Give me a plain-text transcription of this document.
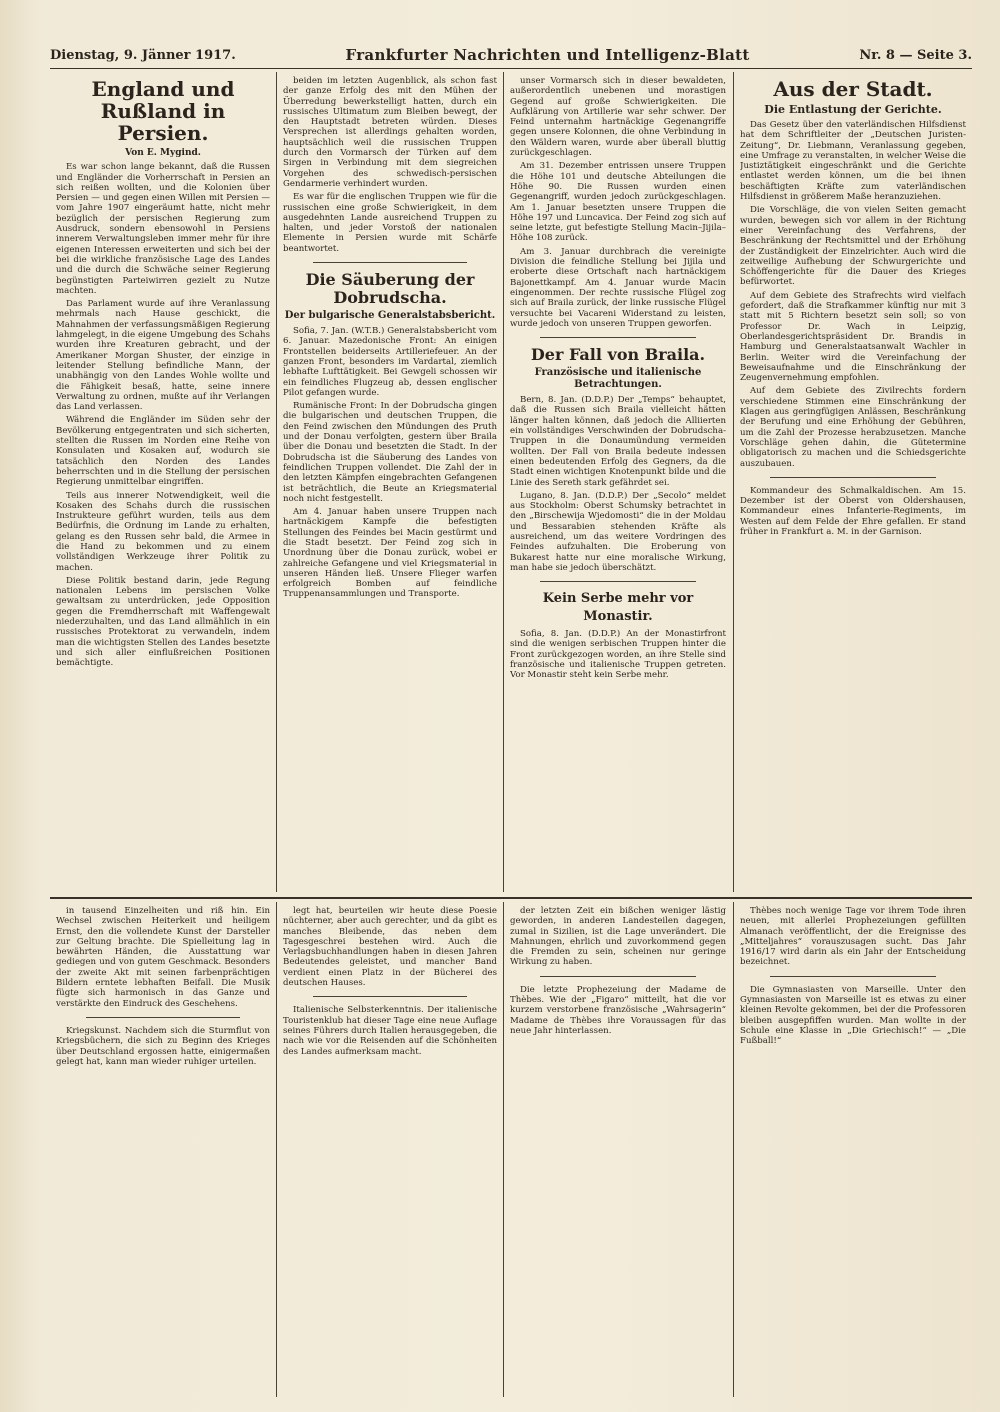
Dienstag, 9. Jänner 1917.	Frankfurter Nachrichten und Intelligenz-Blatt	Nr. 8 — Seite 3.
England und Rußland in Persien.
Von E. Mygind.

Es war schon lange bekannt, daß die Russen und Engländer die Vorherrschaft in Persien an sich reißen wollten, und die Kolonien über Persien — und gegen einen Willen mit Persien — vom Jahre 1907 eingeräumt hatte, nicht mehr bezüglich der persischen Regierung zum Ausdruck, sondern ebensowohl in Persiens innerem Verwaltungsleben immer mehr für ihre eigenen Interessen erweiterten und sich bei der bei die wirkliche französische Lage des Landes und die durch die Schwäche seiner Regierung begünstigten Parteiwirren gezielt zu Nutze machten.

Das Parlament wurde auf ihre Veranlassung mehrmals nach Hause geschickt, die Mahnahmen der verfassungsmäßigen Regierung lahmgelegt, in die eigene Umgebung des Schahs wurden ihre Kreaturen gebracht, und der Amerikaner Morgan Shuster, der einzige in leitender Stellung befindliche Mann, der unabhängig von den Landes Wohle wollte und die Fähigkeit besaß, hatte, seine innere Verwaltung zu ordnen, mußte auf ihr Verlangen das Land verlassen.

Während die Engländer im Süden sehr der Bevölkerung entgegentraten und sich sicherten, stellten die Russen im Norden eine Reihe von Konsulaten und Kosaken auf, wodurch sie tatsächlich den Norden des Landes beherrschten und in die Stellung der persischen Regierung unmittelbar eingriffen.

Teils aus innerer Notwendigkeit, weil die Kosaken des Schahs durch die russischen Instrukteure geführt wurden, teils aus dem Bedürfnis, die Ordnung im Lande zu erhalten, gelang es den Russen sehr bald, die Armee in die Hand zu bekommen und zu einem vollständigen Werkzeuge ihrer Politik zu machen.

Diese Politik bestand darin, jede Regung nationalen Lebens im persischen Volke gewaltsam zu unterdrücken, jede Opposition gegen die Fremdherrschaft mit Waffengewalt niederzuhalten, und das Land allmählich in ein russisches Protektorat zu verwandeln, indem man die wichtigsten Stellen des Landes besetzte und sich aller einflußreichen Positionen bemächtigte.

beiden im letzten Augenblick, als schon fast der ganze Erfolg des mit den Mühen der Überredung bewerkstelligt hatten, durch ein russisches Ultimatum zum Bleiben bewegt, der den Hauptstadt betreten würden. Dieses Versprechen ist allerdings gehalten worden, hauptsächlich weil die russischen Truppen durch den Vormarsch der Türken auf dem Sirgen in Verbindung mit dem siegreichen Vorgehen des schwedisch-persischen Gendarmerie verhindert wurden.

Es war für die englischen Truppen wie für die russischen eine große Schwierigkeit, in dem ausgedehnten Lande ausreichend Truppen zu halten, und jeder Vorstoß der nationalen Elemente in Persien wurde mit Schärfe beantwortet.

Die Säuberung der Dobrudscha.
Der bulgarische Generalstabsbericht.

Sofia, 7. Jan. (W.T.B.) Generalstabsbericht vom 6. Januar. Mazedonische Front: An einigen Frontstellen beiderseits Artilleriefeuer. An der ganzen Front, besonders im Vardartal, ziemlich lebhafte Lufttätigkeit. Bei Gewgeli schossen wir ein feindliches Flugzeug ab, dessen englischer Pilot gefangen wurde.

Rumänische Front: In der Dobrudscha gingen die bulgarischen und deutschen Truppen, die den Feind zwischen den Mündungen des Pruth und der Donau verfolgten, gestern über Braila über die Donau und besetzten die Stadt. In der Dobrudscha ist die Säuberung des Landes von feindlichen Truppen vollendet. Die Zahl der in den letzten Kämpfen eingebrachten Gefangenen ist beträchtlich, die Beute an Kriegsmaterial noch nicht festgestellt.

Am 4. Januar haben unsere Truppen nach hartnäckigem Kampfe die befestigten Stellungen des Feindes bei Macin gestürmt und die Stadt besetzt. Der Feind zog sich in Unordnung über die Donau zurück, wobei er zahlreiche Gefangene und viel Kriegsmaterial in unseren Händen ließ. Unsere Flieger warfen erfolgreich Bomben auf feindliche Truppenansammlungen und Transporte.

unser Vormarsch sich in dieser bewaldeten, außerordentlich unebenen und morastigen Gegend auf große Schwierigkeiten. Die Aufklärung von Artillerie war sehr schwer. Der Feind unternahm hartnäckige Gegenangriffe gegen unsere Kolonnen, die ohne Verbindung in den Wäldern waren, wurde aber überall bluttig zurückgeschlagen.

Am 31. Dezember entrissen unsere Truppen die Höhe 101 und deutsche Abteilungen die Höhe 90. Die Russen wurden einen Gegenangriff, wurden jedoch zurückgeschlagen. Am 1. Januar besetzten unsere Truppen die Höhe 197 und Luncavica. Der Feind zog sich auf seine letzte, gut befestigte Stellung Macin–Jijila–Höhe 108 zurück.

Am 3. Januar durchbrach die vereinigte Division die feindliche Stellung bei Jijila und eroberte diese Ortschaft nach hartnäckigem Bajonettkampf. Am 4. Januar wurde Macin eingenommen. Der rechte russische Flügel zog sich auf Braila zurück, der linke russische Flügel versuchte bei Vacareni Widerstand zu leisten, wurde jedoch von unseren Truppen geworfen.

Der Fall von Braila.
Französische und italienische Betrachtungen.

Bern, 8. Jan. (D.D.P.) Der „Temps“ behauptet, daß die Russen sich Braila vielleicht hätten länger halten können, daß jedoch die Alliierten ein vollständiges Verschwinden der Dobrudscha-Truppen in die Donaumündung vermeiden wollten. Der Fall von Braila bedeute indessen einen bedeutenden Erfolg des Gegners, da die Stadt einen wichtigen Knotenpunkt bilde und die Linie des Sereth stark gefährdet sei.

Lugano, 8. Jan. (D.D.P.) Der „Secolo“ meldet aus Stockholm: Oberst Schumsky betrachtet in den „Birschewija Wjedomosti“ die in der Moldau und Bessarabien stehenden Kräfte als ausreichend, um das weitere Vordringen des Feindes aufzuhalten. Die Eroberung von Bukarest hatte nur eine moralische Wirkung, man habe sie jedoch überschätzt.

Kein Serbe mehr vor Monastir.

Sofia, 8. Jan. (D.D.P.) An der Monastirfront sind die wenigen serbischen Truppen hinter die Front zurückgezogen worden, an ihre Stelle sind französische und italienische Truppen getreten. Vor Monastir steht kein Serbe mehr.

Aus der Stadt.
Die Entlastung der Gerichte.

Das Gesetz über den vaterländischen Hilfsdienst hat dem Schriftleiter der „Deutschen Juristen-Zeitung“, Dr. Liebmann, Veranlassung gegeben, eine Umfrage zu veranstalten, in welcher Weise die Justiztätigkeit eingeschränkt und die Gerichte entlastet werden können, um die bei ihnen beschäftigten Kräfte zum vaterländischen Hilfsdienst in größerem Maße heranzuziehen.

Die Vorschläge, die von vielen Seiten gemacht wurden, bewegen sich vor allem in der Richtung einer Vereinfachung des Verfahrens, der Beschränkung der Rechtsmittel und der Erhöhung der Zuständigkeit der Einzelrichter. Auch wird die zeitweilige Aufhebung der Schwurgerichte und Schöffengerichte für die Dauer des Krieges befürwortet.

Auf dem Gebiete des Strafrechts wird vielfach gefordert, daß die Strafkammer künftig nur mit 3 statt mit 5 Richtern besetzt sein soll; so von Professor Dr. Wach in Leipzig, Oberlandesgerichtspräsident Dr. Brandis in Hamburg und Generalstaatsanwalt Wachler in Berlin. Weiter wird die Vereinfachung der Beweisaufnahme und die Einschränkung der Zeugenvernehmung empfohlen.

Auf dem Gebiete des Zivilrechts fordern verschiedene Stimmen eine Einschränkung der Klagen aus geringfügigen Anlässen, Beschränkung der Berufung und eine Erhöhung der Gebühren, um die Zahl der Prozesse herabzusetzen. Manche Vorschläge gehen dahin, die Gütetermine obligatorisch zu machen und die Schiedsgerichte auszubauen.

Kommandeur des Schmalkaldischen. Am 15. Dezember ist der Oberst von Oldershausen, Kommandeur eines Infanterie-Regiments, im Westen auf dem Felde der Ehre gefallen. Er stand früher in Frankfurt a. M. in der Garnison.

in tausend Einzelheiten und riß hin. Ein Wechsel zwischen Heiterkeit und heiligem Ernst, den die vollendete Kunst der Darsteller zur Geltung brachte. Die Spielleitung lag in bewährten Händen, die Ausstattung war gediegen und von gutem Geschmack. Besonders der zweite Akt mit seinen farbenprächtigen Bildern erntete lebhaften Beifall. Die Musik fügte sich harmonisch in das Ganze und verstärkte den Eindruck des Geschehens.

Kriegskunst. Nachdem sich die Sturmflut von Kriegsbüchern, die sich zu Beginn des Krieges über Deutschland ergossen hatte, einigermaßen gelegt hat, kann man wieder ruhiger urteilen.

legt hat, beurteilen wir heute diese Poesie nüchterner, aber auch gerechter, und da gibt es manches Bleibende, das neben dem Tagesgeschrei bestehen wird. Auch die Verlagsbuchhandlungen haben in diesen Jahren Bedeutendes geleistet, und mancher Band verdient einen Platz in der Bücherei des deutschen Hauses.

Italienische Selbsterkenntnis. Der italienische Touristenklub hat dieser Tage eine neue Auflage seines Führers durch Italien herausgegeben, die nach wie vor die Reisenden auf die Schönheiten des Landes aufmerksam macht.

der letzten Zeit ein bißchen weniger lästig geworden, in anderen Landesteilen dagegen, zumal in Sizilien, ist die Lage unverändert. Die Mahnungen, ehrlich und zuvorkommend gegen die Fremden zu sein, scheinen nur geringe Wirkung zu haben.

Die letzte Prophezeiung der Madame de Thèbes. Wie der „Figaro“ mitteilt, hat die vor kurzem verstorbene französische „Wahrsagerin“ Madame de Thèbes ihre Voraussagen für das neue Jahr hinterlassen.

Thèbes noch wenige Tage vor ihrem Tode ihren neuen, mit allerlei Prophezeiungen gefüllten Almanach veröffentlicht, der die Ereignisse des „Mitteljahres“ vorauszusagen sucht. Das Jahr 1916/17 wird darin als ein Jahr der Entscheidung bezeichnet.

Die Gymnasiasten von Marseille. Unter den Gymnasiasten von Marseille ist es etwas zu einer kleinen Revolte gekommen, bei der die Professoren bleiben ausgepfiffen wurden. Man wollte in der Schule eine Klasse in „Die Griechisch!“ — „Die Fußball!“
